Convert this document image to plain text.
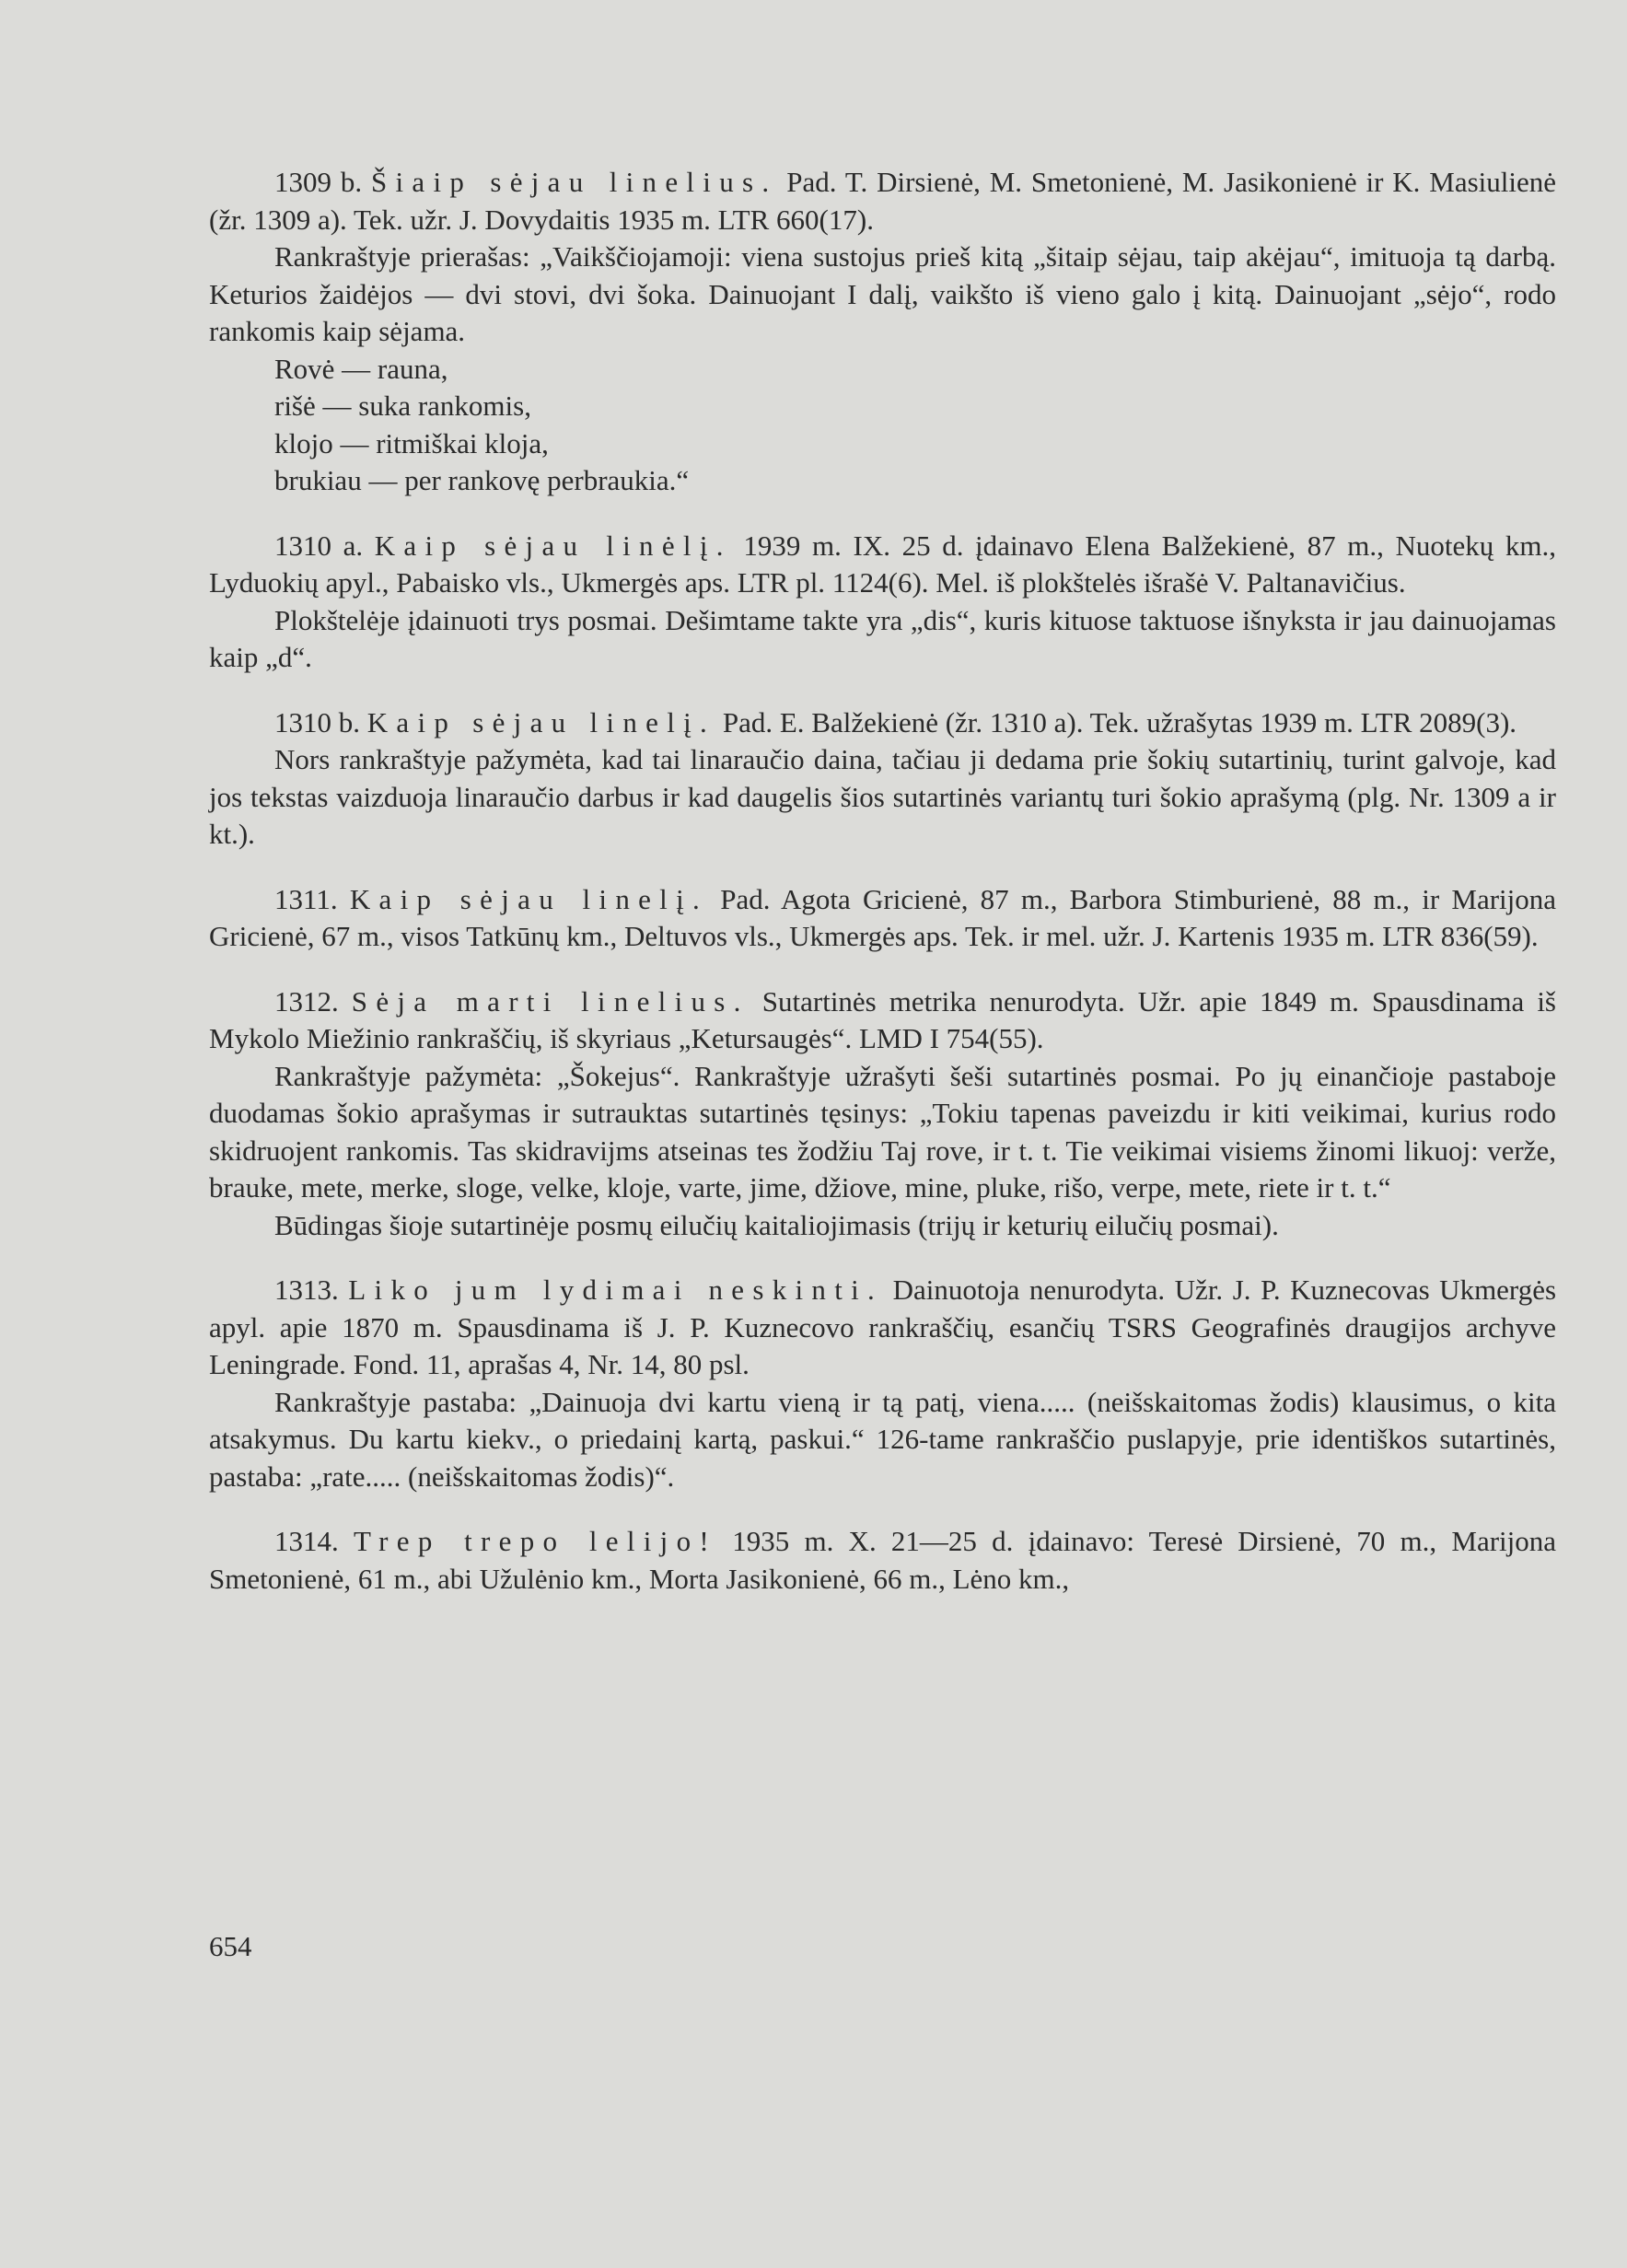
1309 b. Šiaip sėjau linelius. Pad. T. Dirsienė, M. Smetonienė, M. Jasikonienė ir K. Masiulienė (žr. 1309 a). Tek. užr. J. Dovydaitis 1935 m. LTR 660(17).

Rankraštyje prierašas: „Vaikščiojamoji: viena sustojus prieš kitą „šitaip sėjau, taip akėjau“, imituoja tą darbą. Keturios žaidėjos — dvi stovi, dvi šoka. Dainuojant I dalį, vaikšto iš vieno galo į kitą. Dainuojant „sėjo“, rodo rankomis kaip sėjama.

Rovė — rauna,

rišė — suka rankomis,

klojo — ritmiškai kloja,

brukiau — per rankovę perbraukia.“

1310 a. Kaip sėjau linėlį. 1939 m. IX. 25 d. įdainavo Elena Balžekienė, 87 m., Nuotekų km., Lyduokių apyl., Pabaisko vls., Ukmergės aps. LTR pl. 1124(6). Mel. iš plokštelės išrašė V. Paltanavičius.

Plokštelėje įdainuoti trys posmai. Dešimtame takte yra „dis“, kuris kituose taktuose išnyksta ir jau dainuojamas kaip „d“.

1310 b. Kaip sėjau linelį. Pad. E. Balžekienė (žr. 1310 a). Tek. užrašytas 1939 m. LTR 2089(3).

Nors rankraštyje pažymėta, kad tai linaraučio daina, tačiau ji dedama prie šokių sutartinių, turint galvoje, kad jos tekstas vaizduoja linaraučio darbus ir kad daugelis šios sutartinės variantų turi šokio aprašymą (plg. Nr. 1309 a ir kt.).

1311. Kaip sėjau linelį. Pad. Agota Gricienė, 87 m., Barbora Stimburienė, 88 m., ir Marijona Gricienė, 67 m., visos Tatkūnų km., Deltuvos vls., Ukmergės aps. Tek. ir mel. užr. J. Kartenis 1935 m. LTR 836(59).

1312. Sėja marti linelius. Sutartinės metrika nenurodyta. Užr. apie 1849 m. Spausdinama iš Mykolo Miežinio rankraščių, iš skyriaus „Ketursaugės“. LMD I 754(55).

Rankraštyje pažymėta: „Šokejus“. Rankraštyje užrašyti šeši sutartinės posmai. Po jų einančioje pastaboje duodamas šokio aprašymas ir sutrauktas sutartinės tęsinys: „Tokiu tapenas paveizdu ir kiti veikimai, kurius rodo skidruojent rankomis. Tas skidravijms atseinas tes žodžiu Taj rove, ir t. t. Tie veikimai visiems žinomi likuoj: verže, brauke, mete, merke, sloge, velke, kloje, varte, jime, džiove, mine, pluke, rišo, verpe, mete, riete ir t. t.“

Būdingas šioje sutartinėje posmų eilučių kaitaliojimasis (trijų ir keturių eilučių posmai).

1313. Liko jum lydimai neskinti. Dainuotoja nenurodyta. Užr. J. P. Kuznecovas Ukmergės apyl. apie 1870 m. Spausdinama iš J. P. Kuznecovo rankraščių, esančių TSRS Geografinės draugijos archyve Leningrade. Fond. 11, aprašas 4, Nr. 14, 80 psl.

Rankraštyje pastaba: „Dainuoja dvi kartu vieną ir tą patį, viena..... (neišskaitomas žodis) klausimus, o kita atsakymus. Du kartu kiekv., o priedainį kartą, paskui.“ 126-tame rankraščio puslapyje, prie identiškos sutartinės, pastaba: „rate..... (neišskaitomas žodis)“.

1314. Trep trepo lelijo! 1935 m. X. 21—25 d. įdainavo: Teresė Dirsienė, 70 m., Marijona Smetonienė, 61 m., abi Užulėnio km., Morta Jasikonienė, 66 m., Lėno km.,

654
